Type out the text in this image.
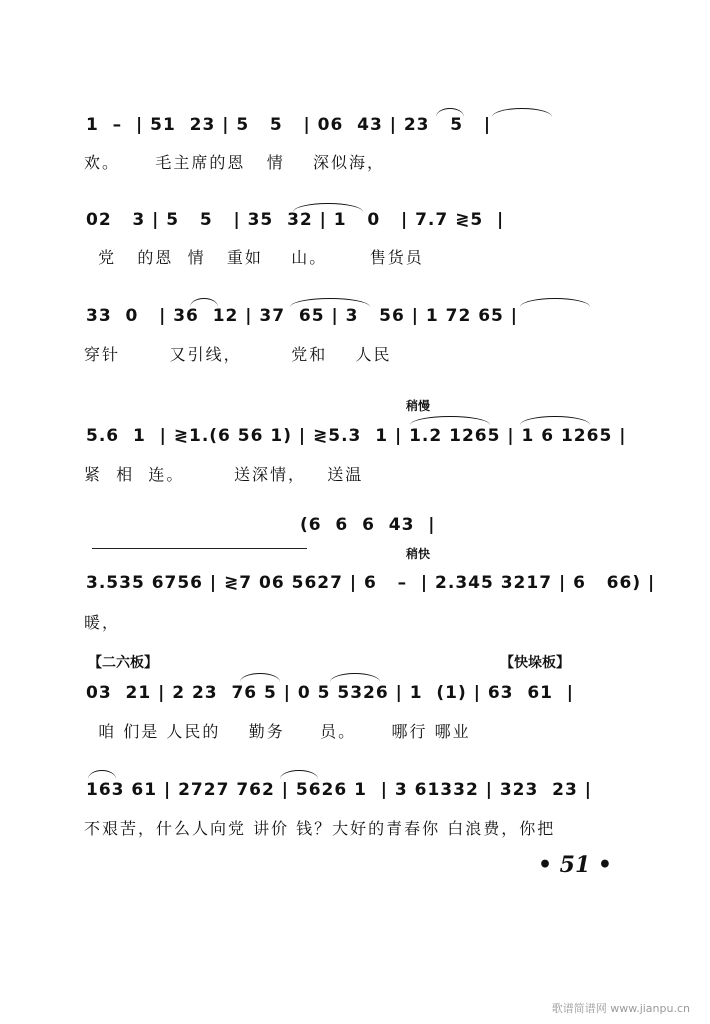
1  –  | 51  23 | 5   5   | 06  43 | 23   5   |
欢。     毛主席的恩   情    深似海，
02   3 | 5   5   | 35  32 | 1   0   | 7.7 ≷5  |
党   的恩  情   重如    山。      售货员
33  0   | 36  12 | 37  65 | 3   56 | 1 72 65 |
穿针       又引线，       党和    人民
稍慢
5.6  1  | ≷1.(6 56 1) | ≷5.3  1 | 1.2 1265 | 1 6 1265 |
紧  相  连。       送深情，   送温
(6  6  6  43  |
稍快
3.535 6756 | ≷7 06 5627 | 6   –  | 2.345 3217 | 6   66) |
暖，
【二六板】	【快垛板】
03  21 | 2 23  76 5 | 0 5 5326 | 1  (1) | 63  61  |
咱 们是 人民的    勤务     员。     哪行 哪业
163 61 | 2727 762 | 5626 1  | 3 61332 | 323  23 |
不艰苦，什么人向党 讲价 钱？大好的青春你 白浪费，你把
• 51 •
歌谱简谱网 www.jianpu.cn
